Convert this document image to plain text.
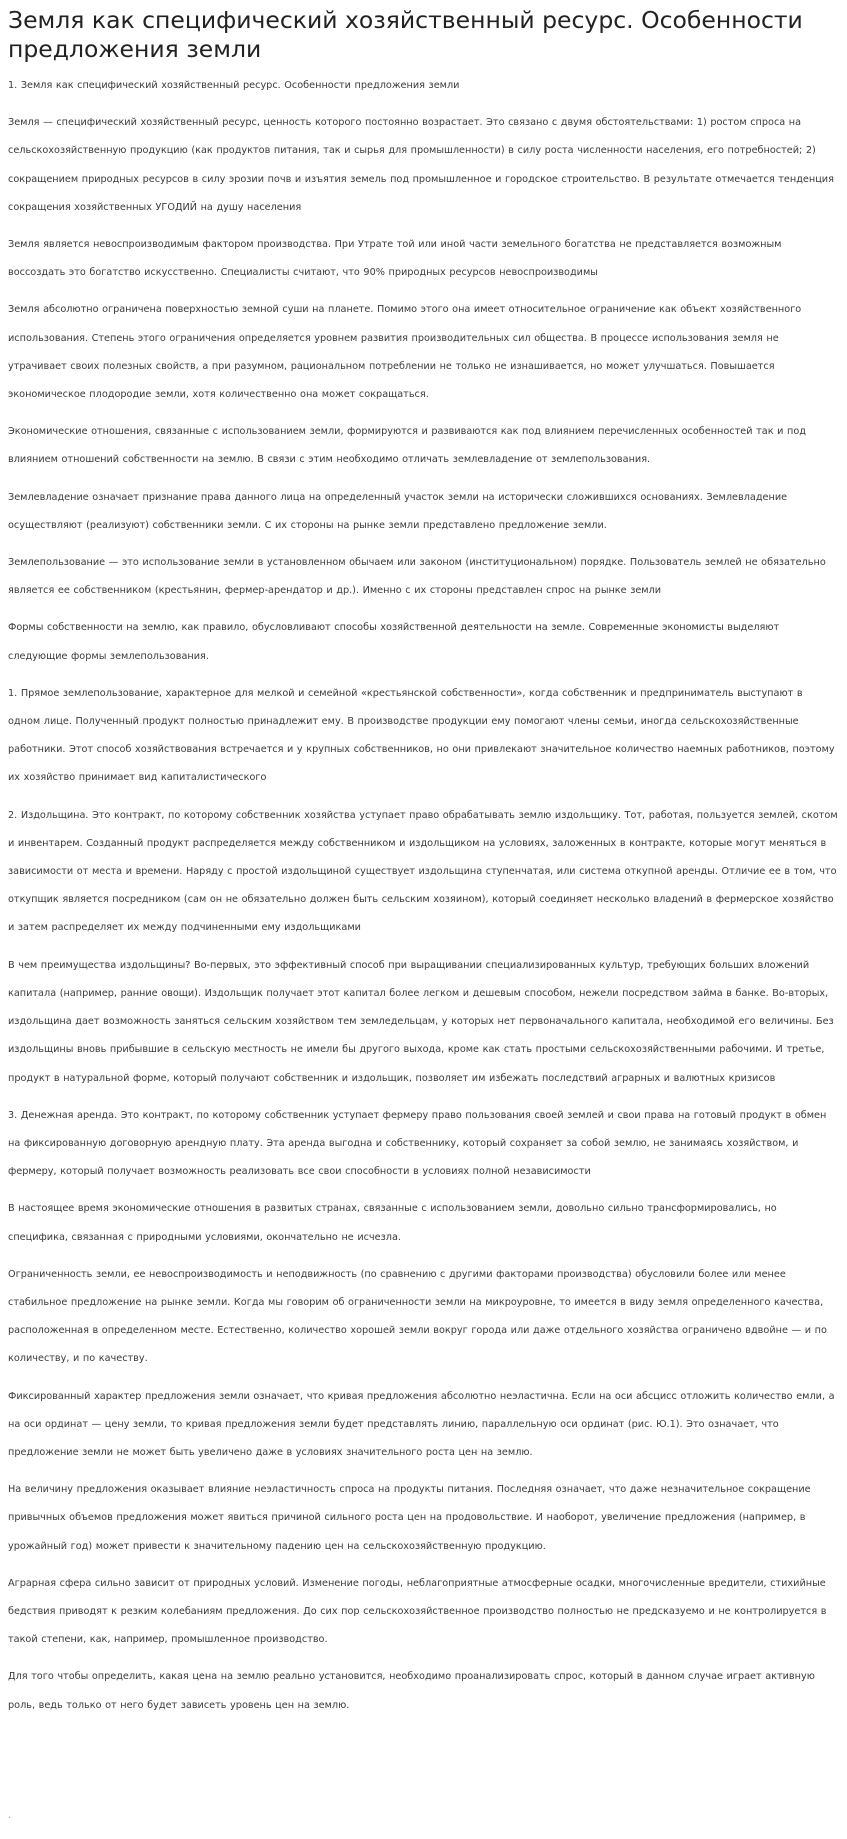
Земля как специфический хозяйственный ресурс. Особенности предложения земли

1. Земля как специфический хозяйственный ресурс. Особенности предложения земли

Земля — специфический хозяйственный ресурс, ценность которого постоянно возрастает. Это связано с двумя обстоятельствами: 1) ростом спроса на сельскохозяйственную продукцию (как продуктов питания, так и сырья для промышленности) в силу роста численности населения, его потребностей; 2) сокращением природных ресурсов в силу эрозии почв и изъятия земель под промышленное и городское строительство. В результате отмечается тенденция сокращения хозяйственных УГОДИЙ на душу населения

Земля является невоспроизводимым фактором производства. При Утрате той или иной части земельного богатства не представляется возможным воссоздать это богатство искусственно. Специалисты считают, что 90% природных ресурсов невоспроизводимы

Земля абсолютно ограничена поверхностью земной суши на планете. Помимо этого она имеет относительное ограничение как объект хозяйственного использования. Степень этого ограничения определяется уровнем развития производительных сил общества. В процессе использования земля не утрачивает своих полезных свойств, а при разумном, рациональном потреблении не только не изнашивается, но может улучшаться. Повышается экономическое плодородие земли, хотя количественно она может сокращаться.

Экономические отношения, связанные с использованием земли, формируются и развиваются как под влиянием перечисленных особенностей так и под влиянием отношений собственности на землю. В связи с этим необходимо отличать землевладение от землепользования.

Землевладение означает признание права данного лица на определенный участок земли на исторически сложившихся основаниях. Землевладение осуществляют (реализуют) собственники земли. С их стороны на рынке земли представлено предложение земли.

Землепользование — это использование земли в установленном обычаем или законом (институциональном) порядке. Пользователь землей не обязательно является ее собственником (крестьянин, фермер-арендатор и др.). Именно с их стороны представлен спрос на рынке земли

Формы собственности на землю, как правило, обусловливают способы хозяйственной деятельности на земле. Современные экономисты выделяют следующие формы землепользования.

1. Прямое землепользование, характерное для мелкой и семейной «крестьянской собственности», когда собственник и предприниматель выступают в одном лице. Полученный продукт полностью принадлежит ему. В производстве продукции ему помогают члены семьи, иногда сельскохозяйственные работники. Этот способ хозяйствования встречается и у крупных собственников, но они привлекают значительное количество наемных работников, поэтому их хозяйство принимает вид капиталистического

2. Издольщина. Это контракт, по которому собственник хозяйства уступает право обрабатывать землю издольщику. Тот, работая, пользуется землей, скотом и инвентарем. Созданный продукт распределяется между собственником и издольщиком на условиях, заложенных в контракте, которые могут меняться в зависимости от места и времени. Наряду с простой издольщиной существует издольщина ступенчатая, или система откупной аренды. Отличие ее в том, что откупщик является посредником (сам он не обязательно должен быть сельским хозяином), который соединяет несколько владений в фермерское хозяйство и затем распределяет их между подчиненными ему издольщиками

В чем преимущества издольщины? Во-первых, это эффективный способ при выращивании специализированных культур, требующих больших вложений капитала (например, ранние овощи). Издольщик получает этот капитал более легком и дешевым способом, нежели посредством займа в банке. Во-вторых, издольщина дает возможность заняться сельским хозяйством тем земледельцам, у которых нет первоначального капитала, необходимой его величины. Без издольщины вновь прибывшие в сельскую местность не имели бы другого выхода, кроме как стать простыми сельскохозяйственными рабочими. И третье, продукт в натуральной форме, который получают собственник и издольщик, позволяет им избежать последствий аграрных и валютных кризисов

3. Денежная аренда. Это контракт, по которому собственник уступает фермеру право пользования своей землей и свои права на готовый продукт в обмен на фиксированную договорную арендную плату. Эта аренда выгодна и собственнику, который сохраняет за собой землю, не занимаясь хозяйством, и фермеру, который получает возможность реализовать все свои способности в условиях полной независимости

В настоящее время экономические отношения в развитых странах, связанные с использованием земли, довольно сильно трансформировались, но специфика, связанная с природными условиями, окончательно не исчезла.

Ограниченность земли, ее невоспроизводимость и неподвижность (по сравнению с другими факторами производства) обусловили более или менее стабильное предложение на рынке земли. Когда мы говорим об ограниченности земли на микроуровне, то имеется в виду земля определенного качества, расположенная в определенном месте. Естественно, количество хорошей земли вокруг города или даже отдельного хозяйства ограничено вдвойне — и по количеству, и по качеству.

Фиксированный характер предложения земли означает, что кривая предложения абсолютно неэластична. Если на оси абсцисс отложить количество емли, а на оси ординат — цену земли, то кривая предложения земли будет представлять линию, параллельную оси ординат (рис. Ю.1). Это означает, что предложение земли не может быть увеличено даже в условиях значительного роста цен на землю.

На величину предложения оказывает влияние неэластичность спроса на продукты питания. Последняя означает, что даже незначительное сокращение привычных объемов предложения может явиться причиной сильного роста цен на продовольствие. И наоборот, увеличение предложения (например, в урожайный год) может привести к значительному падению цен на сельскохозяйственную продукцию.

Аграрная сфера сильно зависит от природных условий. Изменение погоды, неблагоприятные атмосферные осадки, многочисленные вредители, стихийные бедствия приводят к резким колебаниям предложения. До сих пор сельскохозяйственное производство полностью не предсказуемо и не контролируется в такой степени, как, например, промышленное производство.

Для того чтобы определить, какая цена на землю реально установится, необходимо проанализировать спрос, который в данном случае играет активную роль, ведь только от него будет зависеть уровень цен на землю.

.
